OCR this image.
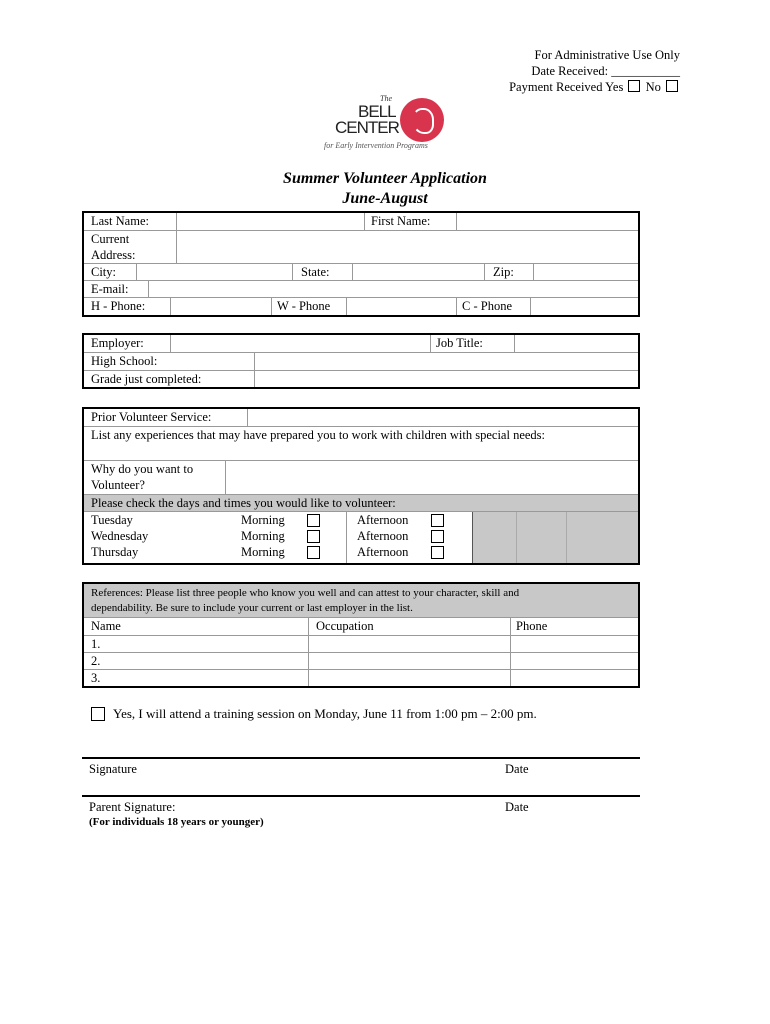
For Administrative Use Only
Date Received: ___________
Payment Received Yes No
The
BELL
CENTER
for Early Intervention Programs
Summer Volunteer Application
June-August
Last Name:	First Name:
Current
Address:
City:	State:	Zip:
E-mail:
H - Phone:	W - Phone	C - Phone
Employer:	Job Title:
High School:
Grade just completed:
Prior Volunteer Service:
List any experiences that may have prepared you to work with children with special needs:
Why do you want to
Volunteer?
Please check the days and times you would like to volunteer:
Tuesday	Morning	Afternoon
Wednesday	Morning	Afternoon
Thursday	Morning	Afternoon
References: Please list three people who know you well and can attest to your character, skill and
dependability. Be sure to include your current or last employer in the list.
Name	Occupation	Phone
1.
2.
3.
Yes, I will attend a training session on Monday, June 11 from 1:00 pm – 2:00 pm.
Signature	Date
Parent Signature:	Date
(For individuals 18 years or younger)
